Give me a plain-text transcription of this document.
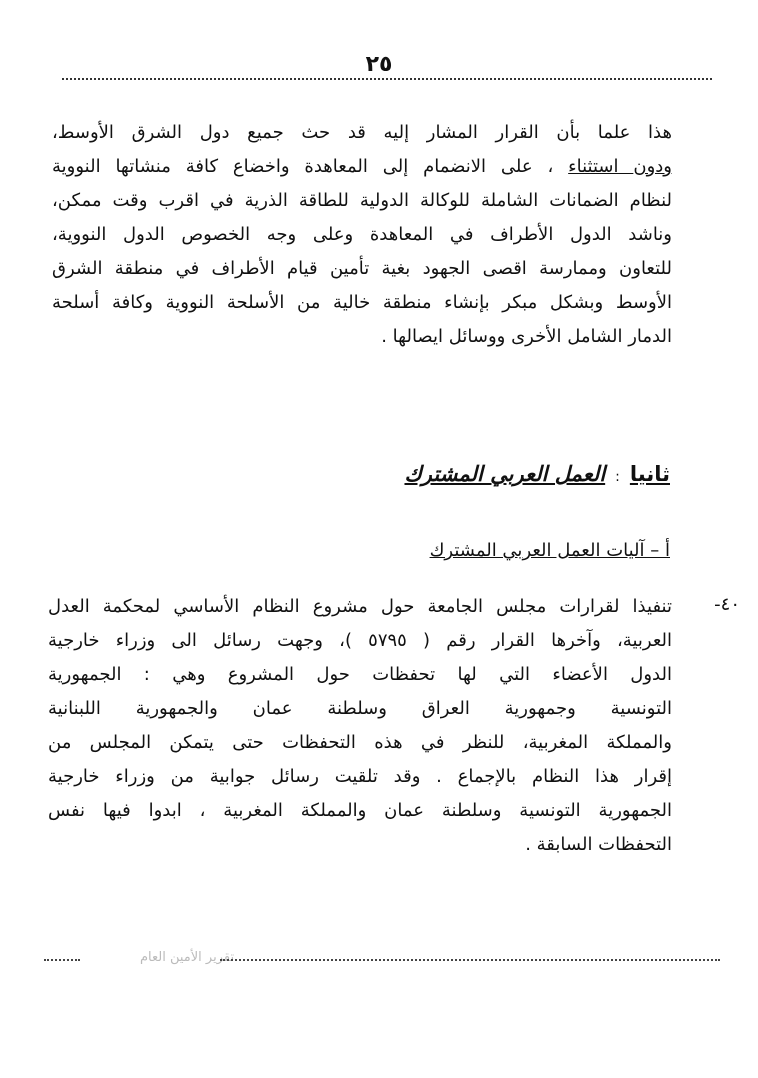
٢٥
هذا علما بأن القرار المشار إليه قد حث جميع دول الشرق الأوسط،
ودون استثناء ، على الانضمام إلى المعاهدة واخضاع كافة منشاتها النووية
لنظام الضمانات الشاملة للوكالة الدولية للطاقة الذرية في اقرب وقت ممكن،
وناشد الدول الأطراف في المعاهدة وعلى وجه الخصوص الدول النووية،
للتعاون وممارسة اقصى الجهود بغية تأمين قيام الأطراف في منطقة الشرق
الأوسط وبشكل مبكر بإنشاء منطقة خالية من الأسلحة النووية وكافة أسلحة
الدمار الشامل الأخرى ووسائل ايصالها .
ثانيا:العمل العربي المشترك
أ – آليات العمل العربي المشترك
٤٠-
تنفيذا لقرارات مجلس الجامعة حول مشروع النظام الأساسي لمحكمة العدل
العربية، وآخرها القرار رقم ( ٥٧٩٥ )، وجهت رسائل الى وزراء خارجية
الدول الأعضاء التي لها تحفظات حول المشروع وهي : الجمهورية
التونسية وجمهورية العراق وسلطنة عمان والجمهورية اللبنانية
والمملكة المغربية، للنظر في هذه التحفظات حتى يتمكن المجلس من
إقرار هذا النظام بالإجماع . وقد تلقيت رسائل جوابية من وزراء خارجية
الجمهورية التونسية وسلطنة عمان والمملكة المغربية ، ابدوا فيها نفس
التحفظات السابقة .
تقرير الأمين العام
